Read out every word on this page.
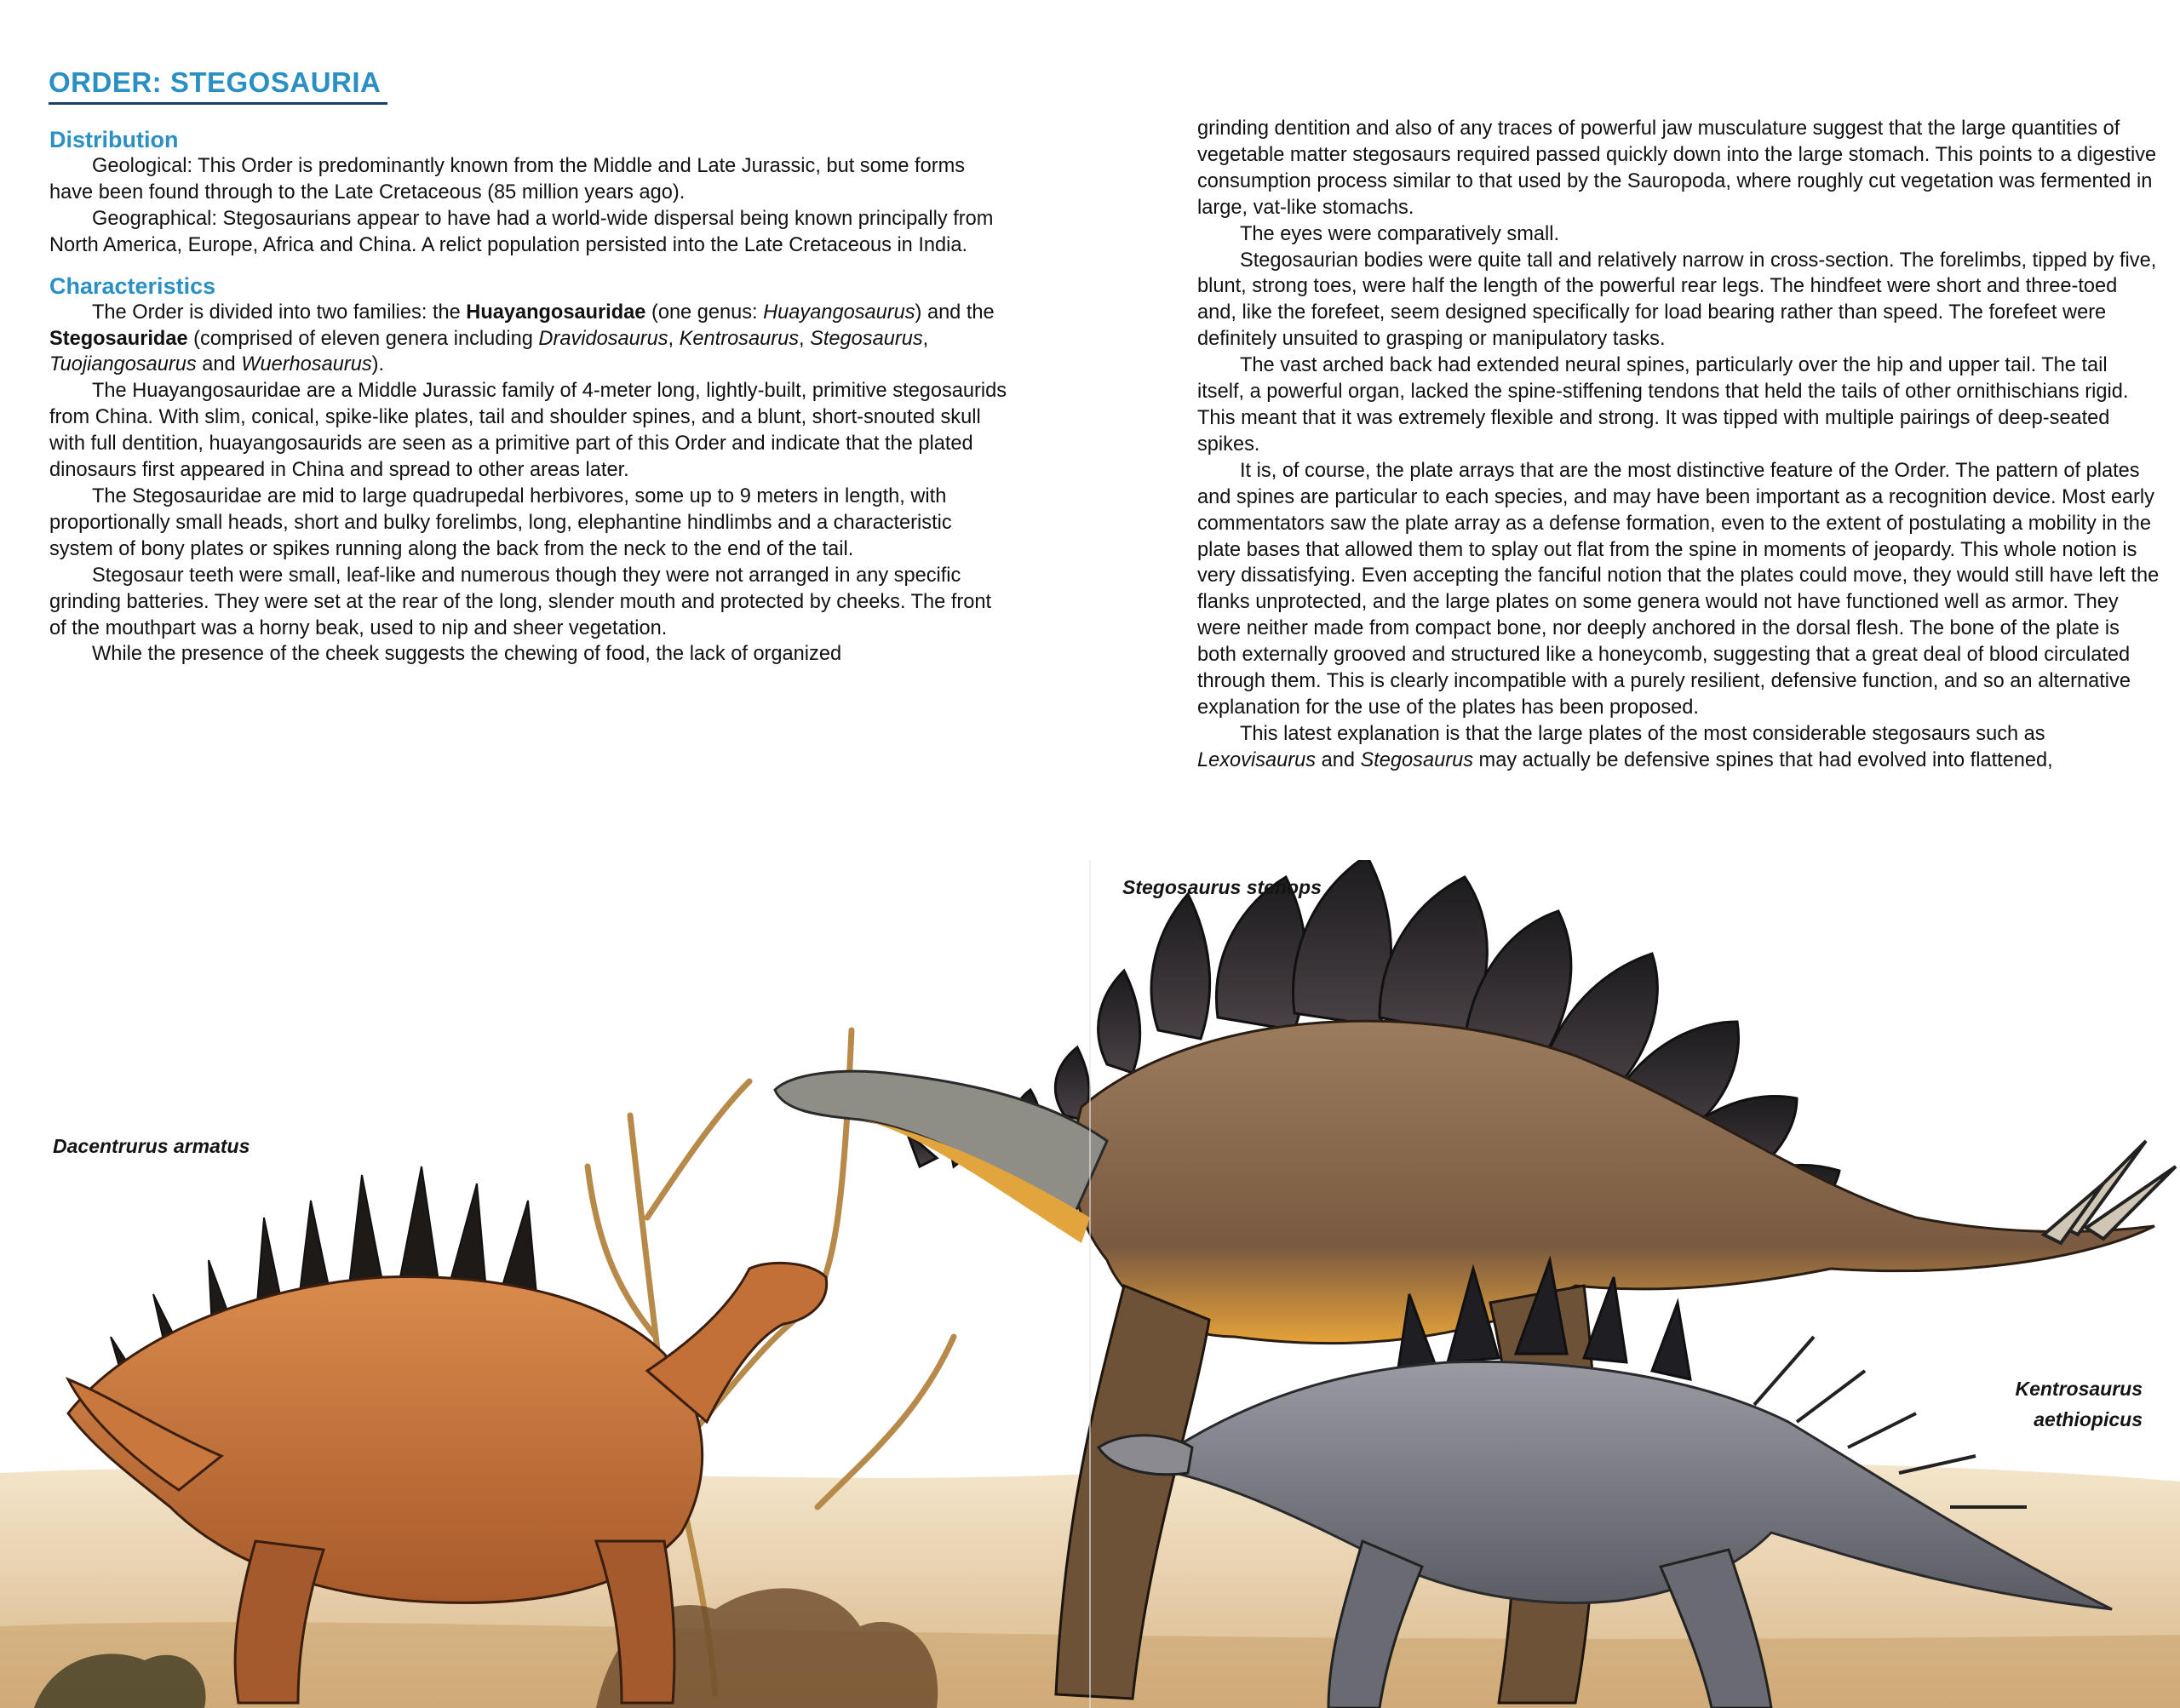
ORDER: STEGOSAURIA
Distribution

Geological: This Order is predominantly known from the Middle and Late Jurassic, but some forms have been found through to the Late Cretaceous (85 million years ago).

Geographical: Stegosaurians appear to have had a world-wide dispersal being known principally from North America, Europe, Africa and China. A relict population persisted into the Late Cretaceous in India.

Characteristics

The Order is divided into two families: the Huayangosauridae (one genus: Huayangosaurus) and the Stegosauridae (comprised of eleven genera including Dravidosaurus, Kentrosaurus, Stegosaurus, Tuojiangosaurus and Wuerhosaurus).

The Huayangosauridae are a Middle Jurassic family of 4-meter long, lightly-built, primitive stegosaurids from China. With slim, conical, spike-like plates, tail and shoulder spines, and a blunt, short-snouted skull with full dentition, huayangosaurids are seen as a primitive part of this Order and indicate that the plated dinosaurs first appeared in China and spread to other areas later.

The Stegosauridae are mid to large quadrupedal herbivores, some up to 9 meters in length, with proportionally small heads, short and bulky forelimbs, long, elephantine hindlimbs and a characteristic system of bony plates or spikes running along the back from the neck to the end of the tail.

Stegosaur teeth were small, leaf-like and numerous though they were not arranged in any specific grinding batteries. They were set at the rear of the long, slender mouth and protected by cheeks. The front of the mouthpart was a horny beak, used to nip and sheer vegetation.

While the presence of the cheek suggests the chewing of food, the lack of organized

grinding dentition and also of any traces of powerful jaw musculature suggest that the large quantities of vegetable matter stegosaurs required passed quickly down into the large stomach. This points to a digestive consumption process similar to that used by the Sauropoda, where roughly cut vegetation was fermented in large, vat-like stomachs.

The eyes were comparatively small.

Stegosaurian bodies were quite tall and relatively narrow in cross-section. The forelimbs, tipped by five, blunt, strong toes, were half the length of the powerful rear legs. The hindfeet were short and three-toed and, like the forefeet, seem designed specifically for load bearing rather than speed. The forefeet were definitely unsuited to grasping or manipulatory tasks.

The vast arched back had extended neural spines, particularly over the hip and upper tail. The tail itself, a powerful organ, lacked the spine-stiffening tendons that held the tails of other ornithischians rigid. This meant that it was extremely flexible and strong. It was tipped with multiple pairings of deep-seated spikes.

It is, of course, the plate arrays that are the most distinctive feature of the Order. The pattern of plates and spines are particular to each species, and may have been important as a recognition device. Most early commentators saw the plate array as a defense formation, even to the extent of postulating a mobility in the plate bases that allowed them to splay out flat from the spine in moments of jeopardy. This whole notion is very dissatisfying. Even accepting the fanciful notion that the plates could move, they would still have left the flanks unprotected, and the large plates on some genera would not have functioned well as armor. They were neither made from compact bone, nor deeply anchored in the dorsal flesh. The bone of the plate is both externally grooved and structured like a honeycomb, suggesting that a great deal of blood circulated through them. This is clearly incompatible with a purely resilient, defensive function, and so an alternative explanation for the use of the plates has been proposed.

This latest explanation is that the large plates of the most considerable stegosaurs such as Lexovisaurus and Stegosaurus may actually be defensive spines that had evolved into flattened,

Stegosaurus stenops
Dacentrurus armatus
Kentrosaurus
aethiopicus
